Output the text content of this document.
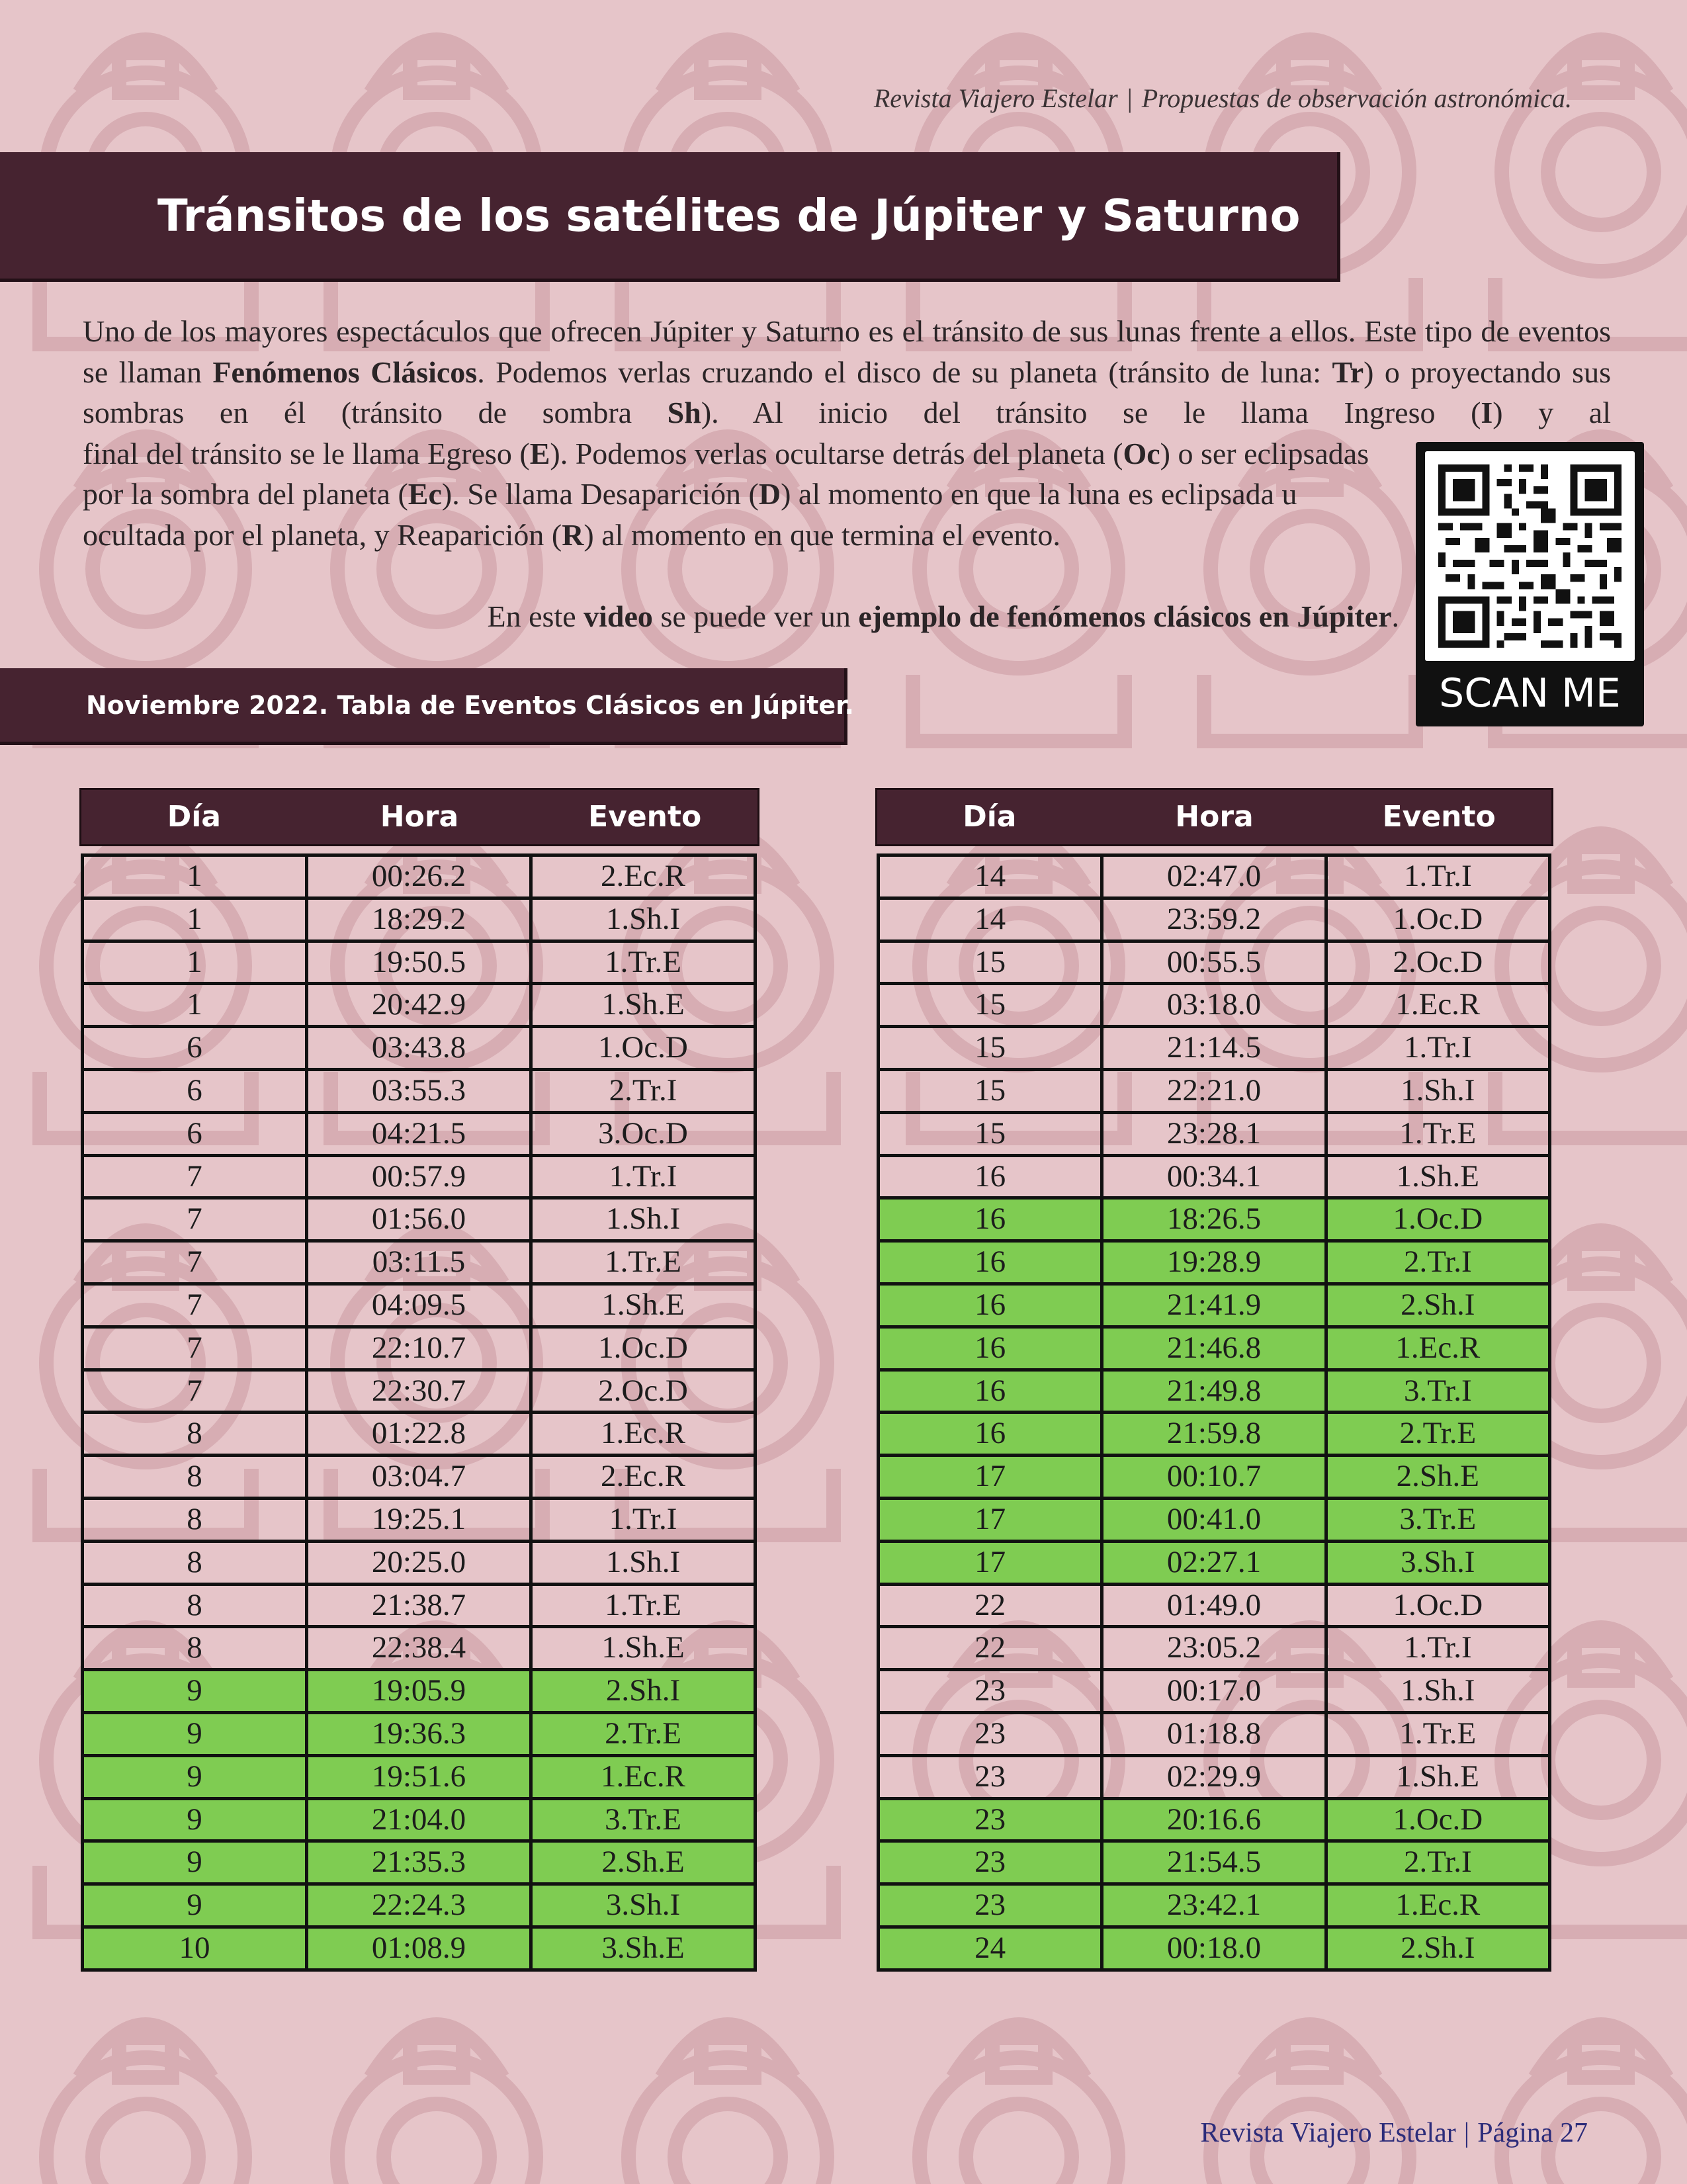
Revista Viajero Estelar | Propuestas de observación astronómica.
Tránsitos de los satélites de Júpiter y Saturno

Uno de los mayores espectáculos que ofrecen Júpiter y Saturno es el tránsito de sus lunas frente a ellos. Este tipo de eventos se llaman Fenómenos Clásicos. Podemos verlas cruzando el disco de su planeta (tránsito de luna: Tr) o proyectando sus sombras en él (tránsito de sombra Sh). Al inicio del tránsito se le llama Ingreso (I) y al

final del tránsito se le llama Egreso (E). Podemos verlas ocultarse detrás del planeta (Oc) o ser eclipsadas por la sombra del planeta (Ec). Se llama Desaparición (D) al momento en que la luna es eclipsada u ocultada por el planeta, y Reaparición (R) al momento en que termina el evento.

En este video se puede ver un ejemplo de fenómenos clásicos en Júpiter.
SCAN ME
Noviembre 2022. Tabla de Eventos Clásicos en Júpiter.
Día	Hora	Evento	Día	Hora	Evento
1	00:26.2	2.Ec.R
1	18:29.2	1.Sh.I
1	19:50.5	1.Tr.E
1	20:42.9	1.Sh.E
6	03:43.8	1.Oc.D
6	03:55.3	2.Tr.I
6	04:21.5	3.Oc.D
7	00:57.9	1.Tr.I
7	01:56.0	1.Sh.I
7	03:11.5	1.Tr.E
7	04:09.5	1.Sh.E
7	22:10.7	1.Oc.D
7	22:30.7	2.Oc.D
8	01:22.8	1.Ec.R
8	03:04.7	2.Ec.R
8	19:25.1	1.Tr.I
8	20:25.0	1.Sh.I
8	21:38.7	1.Tr.E
8	22:38.4	1.Sh.E
9	19:05.9	2.Sh.I
9	19:36.3	2.Tr.E
9	19:51.6	1.Ec.R
9	21:04.0	3.Tr.E
9	21:35.3	2.Sh.E
9	22:24.3	3.Sh.I
10	01:08.9	3.Sh.E
14	02:47.0	1.Tr.I
14	23:59.2	1.Oc.D
15	00:55.5	2.Oc.D
15	03:18.0	1.Ec.R
15	21:14.5	1.Tr.I
15	22:21.0	1.Sh.I
15	23:28.1	1.Tr.E
16	00:34.1	1.Sh.E
16	18:26.5	1.Oc.D
16	19:28.9	2.Tr.I
16	21:41.9	2.Sh.I
16	21:46.8	1.Ec.R
16	21:49.8	3.Tr.I
16	21:59.8	2.Tr.E
17	00:10.7	2.Sh.E
17	00:41.0	3.Tr.E
17	02:27.1	3.Sh.I
22	01:49.0	1.Oc.D
22	23:05.2	1.Tr.I
23	00:17.0	1.Sh.I
23	01:18.8	1.Tr.E
23	02:29.9	1.Sh.E
23	20:16.6	1.Oc.D
23	21:54.5	2.Tr.I
23	23:42.1	1.Ec.R
24	00:18.0	2.Sh.I
Revista Viajero Estelar | Página 27
